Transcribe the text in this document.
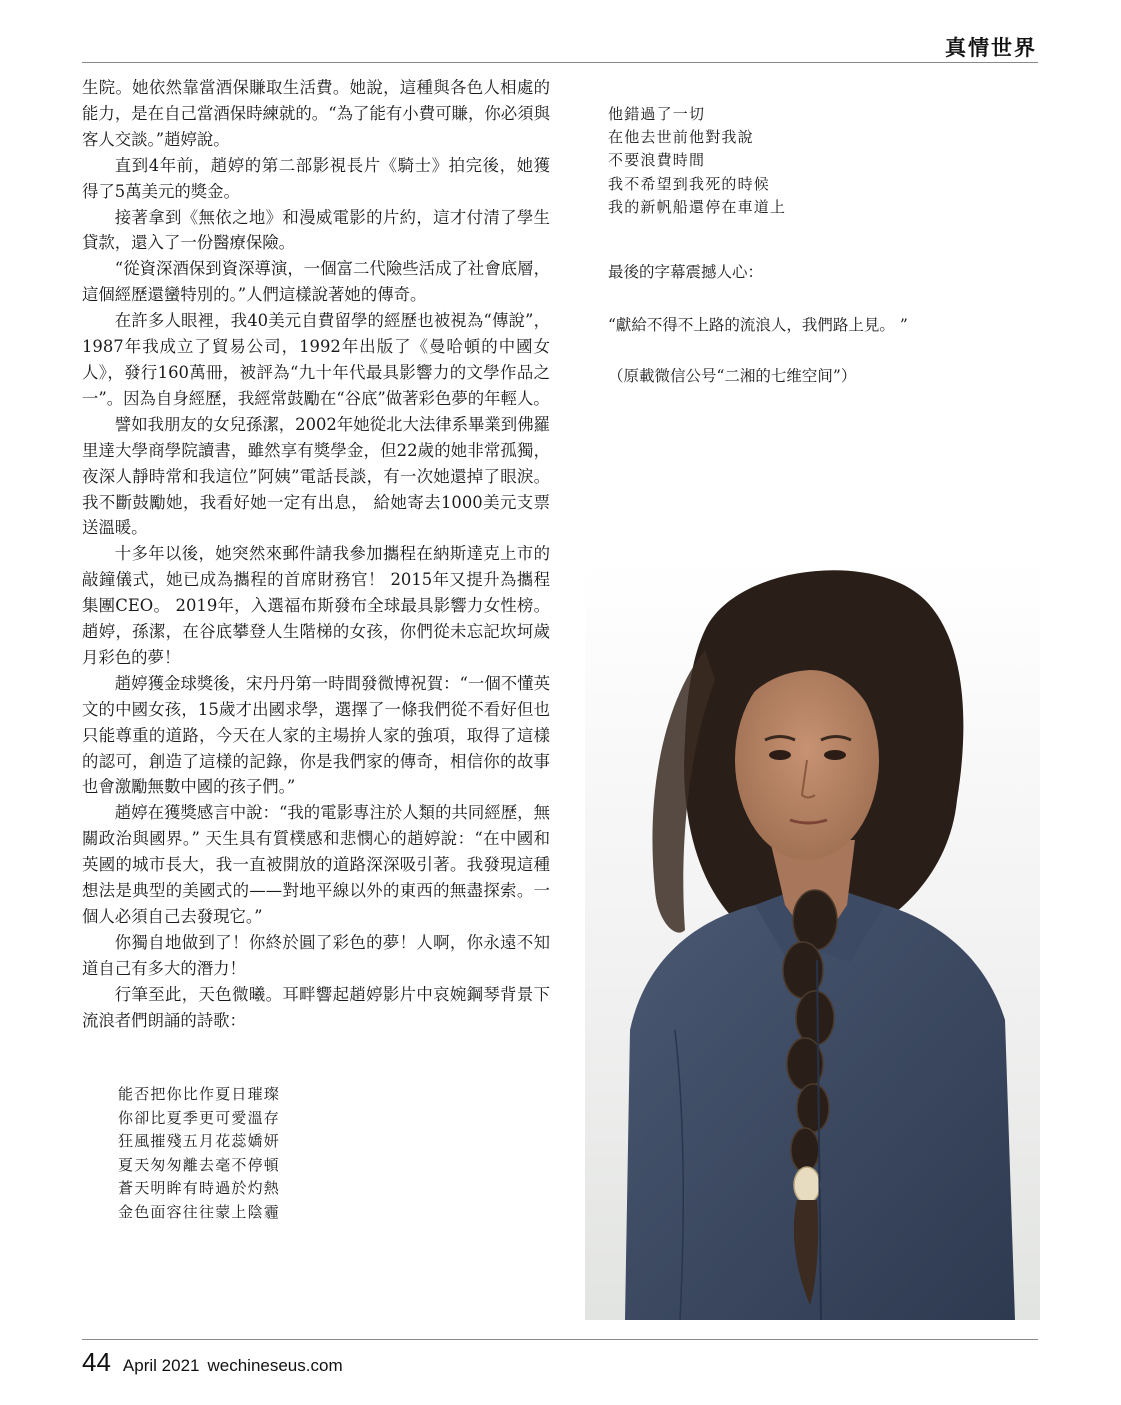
真情世界

生院。她依然靠當酒保賺取生活費。她說，這種與各色人相處的能力，是在自己當酒保時練就的。“為了能有小費可賺，你必須與客人交談。”趙婷說。

直到4年前，趙婷的第二部影視長片《騎士》拍完後，她獲得了5萬美元的獎金。

接著拿到《無依之地》和漫威電影的片約，這才付清了學生貸款，還入了一份醫療保險。

“從資深酒保到資深導演，一個富二代險些活成了社會底層，這個經歷還蠻特別的。”人們這樣說著她的傳奇。

在許多人眼裡，我40美元自費留學的經歷也被視為“傳說”，1987年我成立了貿易公司，1992年出版了《曼哈頓的中國女人》，發行160萬冊，被評為“九十年代最具影響力的文學作品之一”。因為自身經歷，我經常鼓勵在“谷底”做著彩色夢的年輕人。

譬如我朋友的女兒孫潔，2002年她從北大法律系畢業到佛羅里達大學商學院讀書，雖然享有獎學金，但22歲的她非常孤獨，夜深人靜時常和我這位”阿姨”電話長談，有一次她還掉了眼淚。我不斷鼓勵她，我看好她一定有出息， 給她寄去1000美元支票送溫暖。

十多年以後，她突然來郵件請我參加攜程在納斯達克上市的敲鐘儀式，她已成為攜程的首席財務官！ 2015年又提升為攜程集團CEO。 2019年，入選福布斯發布全球最具影響力女性榜。趙婷，孫潔，在谷底攀登人生階梯的女孩，你們從未忘記坎坷歲月彩色的夢！

趙婷獲金球獎後，宋丹丹第一時間發微博祝賀：“一個不懂英文的中國女孩，15歲才出國求學，選擇了一條我們從不看好但也只能尊重的道路，今天在人家的主場拚人家的強項，取得了這樣的認可，創造了這樣的記錄，你是我們家的傳奇，相信你的故事也會激勵無數中國的孩子們。”

趙婷在獲獎感言中說：“我的電影專注於人類的共同經歷，無關政治與國界。” 天生具有質樸感和悲憫心的趙婷說：“在中國和英國的城市長大，我一直被開放的道路深深吸引著。我發現這種想法是典型的美國式的——對地平線以外的東西的無盡探索。一個人必須自己去發現它。”

你獨自地做到了！你終於圓了彩色的夢！人啊，你永遠不知道自己有多大的潛力！

行筆至此，天色微曦。耳畔響起趙婷影片中哀婉鋼琴背景下流浪者們朗誦的詩歌：

能否把你比作夏日璀璨
你卻比夏季更可愛溫存
狂風摧殘五月花蕊嬌妍
夏天匆匆離去毫不停頓
蒼天明眸有時過於灼熱
金色面容往往蒙上陰霾
他錯過了一切
在他去世前他對我說
不要浪費時間
我不希望到我死的時候
我的新帆船還停在車道上
最後的字幕震撼人心：
“獻給不得不上路的流浪人，我們路上見。 ”
（原載微信公号“二湘的七维空间”）
44 April 2021 wechineseus.com
